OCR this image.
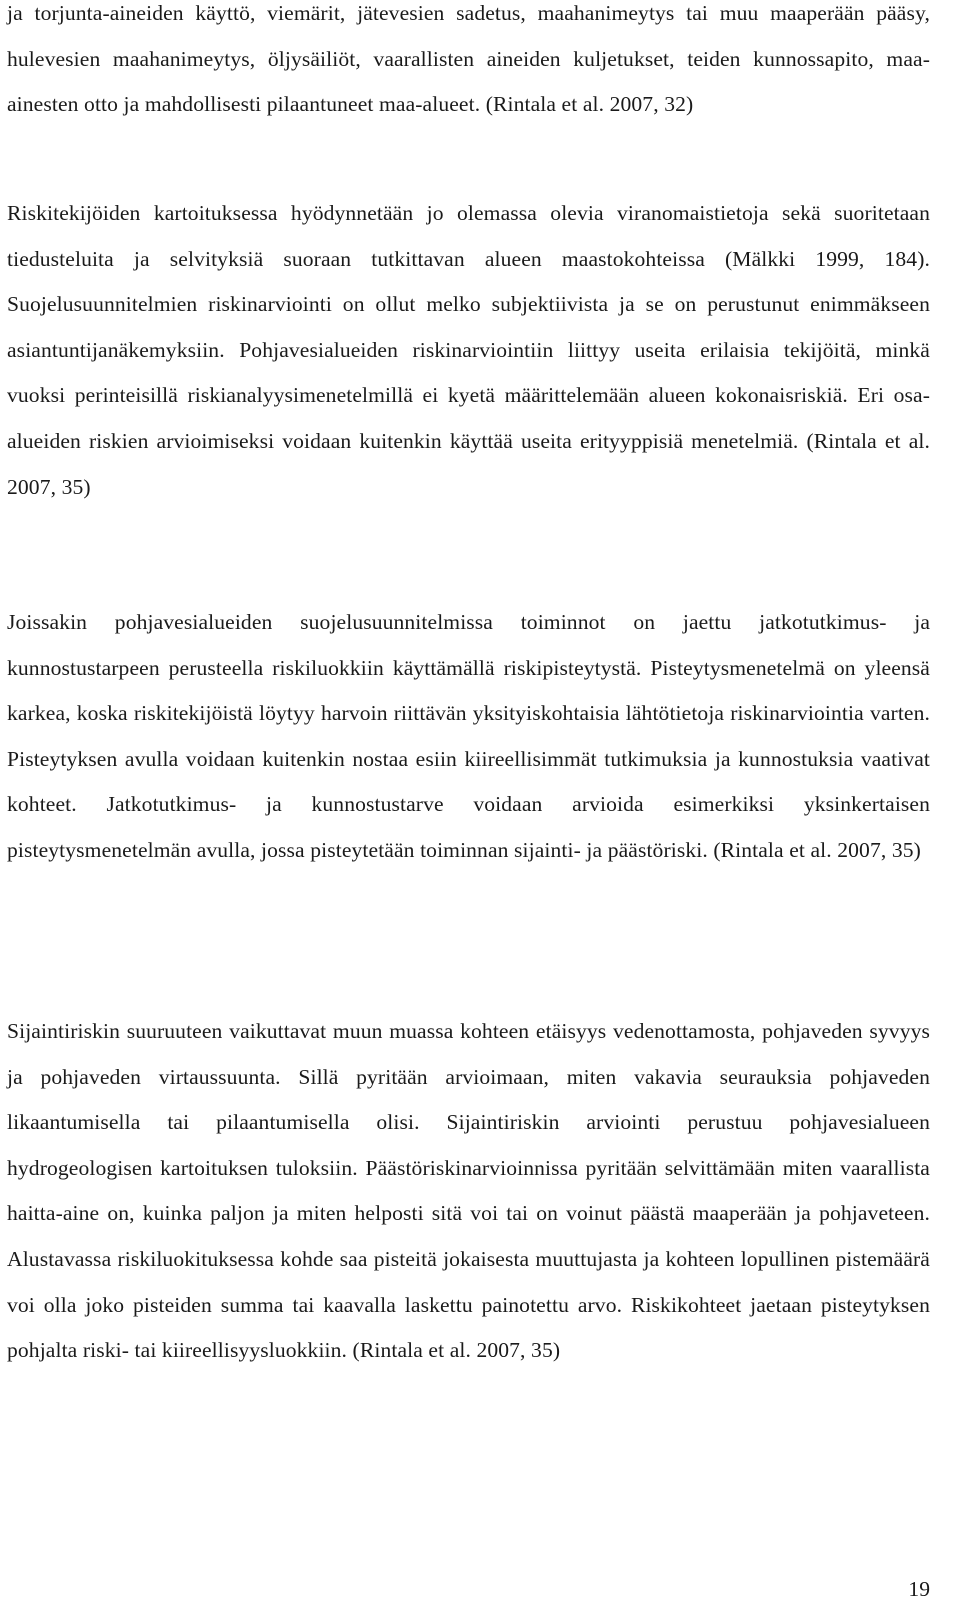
ja torjunta-aineiden käyttö, viemärit, jätevesien sadetus, maahanimeytys tai muu maaperään pääsy, hulevesien maahanimeytys, öljysäiliöt, vaarallisten aineiden kuljetukset, teiden kunnossapito, maa-ainesten otto ja mahdollisesti pilaantuneet maa-alueet. (Rintala et al. 2007, 32)

Riskitekijöiden kartoituksessa hyödynnetään jo olemassa olevia viranomaistietoja sekä suoritetaan tiedusteluita ja selvityksiä suoraan tutkittavan alueen maastokohteissa (Mälkki 1999, 184). Suojelusuunnitelmien riskinarviointi on ollut melko subjektiivista ja se on perustunut enimmäkseen asiantuntijanäkemyksiin. Pohjavesialueiden riskinarviointiin liittyy useita erilaisia tekijöitä, minkä vuoksi perinteisillä riskianalyysimenetelmillä ei kyetä määrittelemään alueen kokonaisriskiä. Eri osa-alueiden riskien arvioimiseksi voidaan kuitenkin käyttää useita erityyppisiä menetelmiä. (Rintala et al. 2007, 35)

Joissakin pohjavesialueiden suojelusuunnitelmissa toiminnot on jaettu jatkotutkimus- ja kunnostustarpeen perusteella riskiluokkiin käyttämällä riskipisteytystä. Pisteytysmenetelmä on yleensä karkea, koska riskitekijöistä löytyy harvoin riittävän yksityiskohtaisia lähtötietoja riskinarviointia varten. Pisteytyksen avulla voidaan kuitenkin nostaa esiin kiireellisimmät tutkimuksia ja kunnostuksia vaativat kohteet. Jatkotutkimus- ja kunnostustarve voidaan arvioida esimerkiksi yksinkertaisen pisteytysmenetelmän avulla, jossa pisteytetään toiminnan sijainti- ja päästöriski. (Rintala et al. 2007, 35)

Sijaintiriskin suuruuteen vaikuttavat muun muassa kohteen etäisyys vedenottamosta, pohjaveden syvyys ja pohjaveden virtaussuunta. Sillä pyritään arvioimaan, miten vakavia seurauksia pohjaveden likaantumisella tai pilaantumisella olisi. Sijaintiriskin arviointi perustuu pohjavesialueen hydrogeologisen kartoituksen tuloksiin. Päästöriskinarvioinnissa pyritään selvittämään miten vaarallista haitta-aine on, kuinka paljon ja miten helposti sitä voi tai on voinut päästä maaperään ja pohjaveteen. Alustavassa riskiluokituksessa kohde saa pisteitä jokaisesta muuttujasta ja kohteen lopullinen pistemäärä voi olla joko pisteiden summa tai kaavalla laskettu painotettu arvo. Riskikohteet jaetaan pisteytyksen pohjalta riski- tai kiireellisyysluokkiin. (Rintala et al. 2007, 35)

19
